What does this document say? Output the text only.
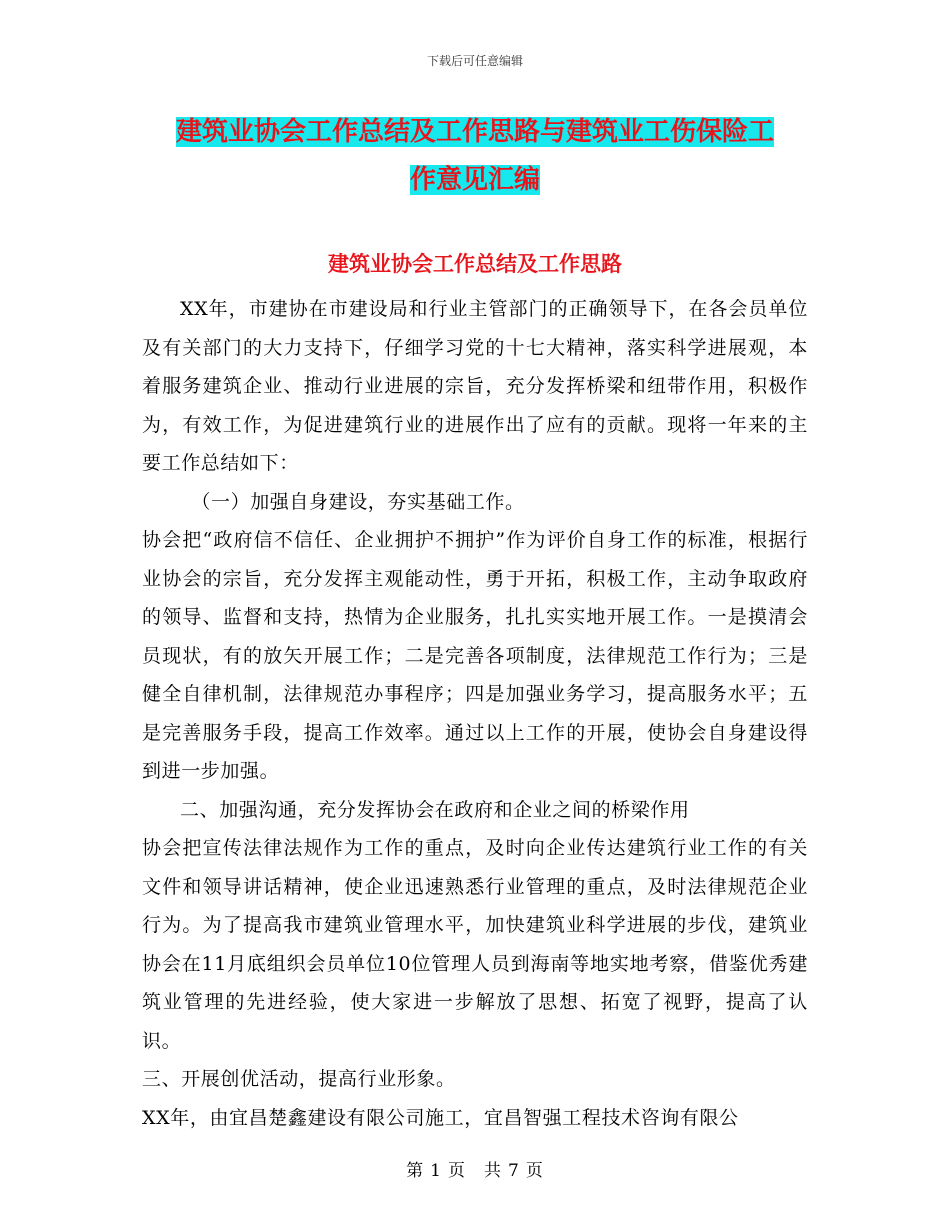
下载后可任意编辑
建筑业协会工作总结及工作思路与建筑业工伤保险工
作意见汇编
建筑业协会工作总结及工作思路

XX年，市建协在市建设局和行业主管部门的正确领导下，在各会员单位及有关部门的大力支持下，仔细学习党的十七大精神，落实科学进展观，本着服务建筑企业、推动行业进展的宗旨，充分发挥桥梁和纽带作用，积极作为，有效工作，为促进建筑行业的进展作出了应有的贡献。现将一年来的主要工作总结如下：

（一）加强自身建设，夯实基础工作。

协会把“政府信不信任、企业拥护不拥护”作为评价自身工作的标准，根据行业协会的宗旨，充分发挥主观能动性，勇于开拓，积极工作，主动争取政府的领导、监督和支持，热情为企业服务，扎扎实实地开展工作。一是摸清会员现状，有的放矢开展工作；二是完善各项制度，法律规范工作行为；三是健全自律机制，法律规范办事程序；四是加强业务学习，提高服务水平；五是完善服务手段，提高工作效率。通过以上工作的开展，使协会自身建设得到进一步加强。

二、加强沟通，充分发挥协会在政府和企业之间的桥梁作用

协会把宣传法律法规作为工作的重点，及时向企业传达建筑行业工作的有关文件和领导讲话精神，使企业迅速熟悉行业管理的重点，及时法律规范企业行为。为了提高我市建筑业管理水平，加快建筑业科学进展的步伐，建筑业协会在11月底组织会员单位10位管理人员到海南等地实地考察，借鉴优秀建筑业管理的先进经验，使大家进一步解放了思想、拓宽了视野，提高了认识。

三、开展创优活动，提高行业形象。

XX年，由宜昌楚鑫建设有限公司施工，宜昌智强工程技术咨询有限公

第 1 页　共 7 页
